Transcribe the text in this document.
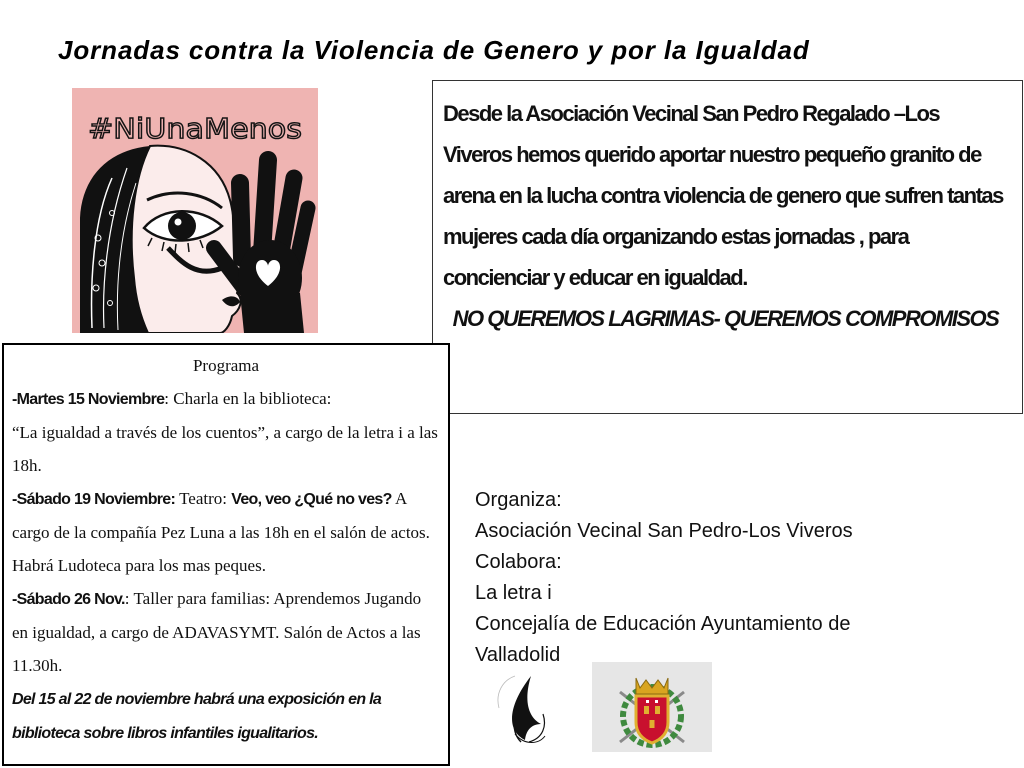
Jornadas contra la Violencia de Genero y por la Igualdad
#NiUnaMenos	Desde la Asociación Vecinal San Pedro Regalado –Los Viveros hemos querido aportar nuestro pequeño granito de arena en la lucha contra violencia de genero que sufren tantas mujeres cada día organizando estas jornadas , para concienciar y educar en igualdad.

NO QUEREMOS LAGRIMAS- QUEREMOS COMPROMISOS

Programa

-Martes 15 Noviembre: Charla en la biblioteca:
“La igualdad a través de los cuentos”, a cargo de la letra i a las 18h.

-Sábado 19 Noviembre: Teatro: Veo, veo ¿Qué no ves? A cargo de la compañía Pez Luna a las 18h en el salón de actos. Habrá Ludoteca para los mas peques.

-Sábado 26 Nov.: Taller para familias: Aprendemos Jugando en igualdad, a cargo de ADAVASYMT. Salón de Actos a las 11.30h.

Del 15 al 22 de noviembre habrá una exposición en la biblioteca sobre libros infantiles igualitarios.

Organiza:
Asociación Vecinal San Pedro-Los Viveros
Colabora:
La letra i
Concejalía de Educación Ayuntamiento de Valladolid
